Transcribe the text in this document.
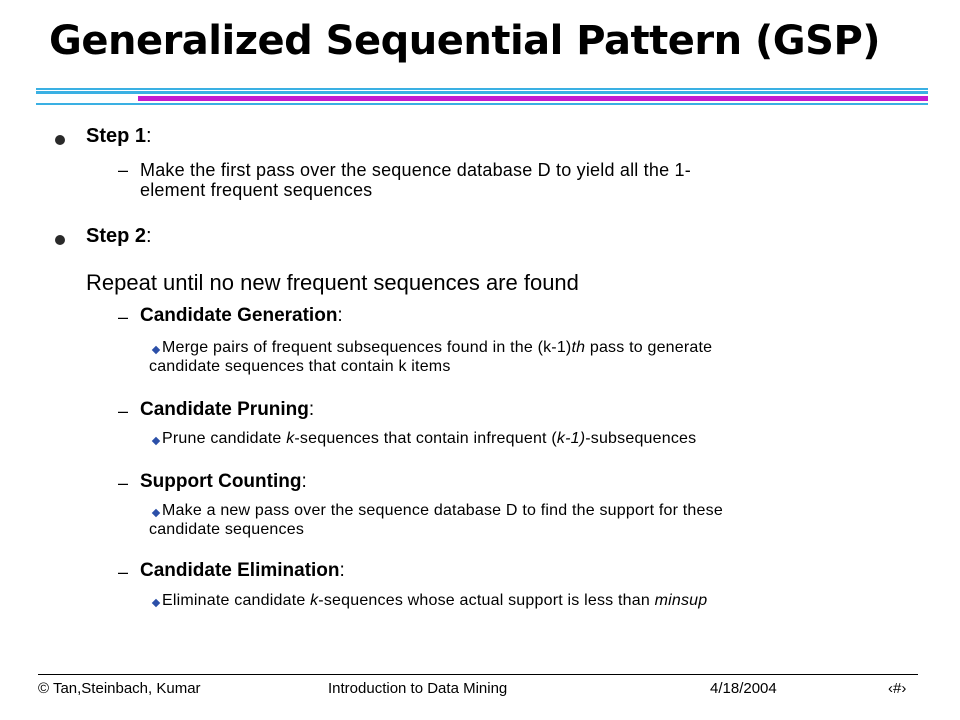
Generalized Sequential Pattern (GSP)
Step 1:
– Make the first pass over the sequence database D to yield all the 1-
element frequent sequences
Step 2:
Repeat until no new frequent sequences are found
– Candidate Generation:
Merge pairs of frequent subsequences found in the (k-1)th pass to generate
candidate sequences that contain k items
– Candidate Pruning:
Prune candidate k-sequences that contain infrequent (k-1)-subsequences
– Support Counting:
Make a new pass over the sequence database D to find the support for these
candidate sequences
– Candidate Elimination:
Eliminate candidate k-sequences whose actual support is less than minsup
© Tan,Steinbach, Kumar	Introduction to Data Mining	4/18/2004	‹#›
